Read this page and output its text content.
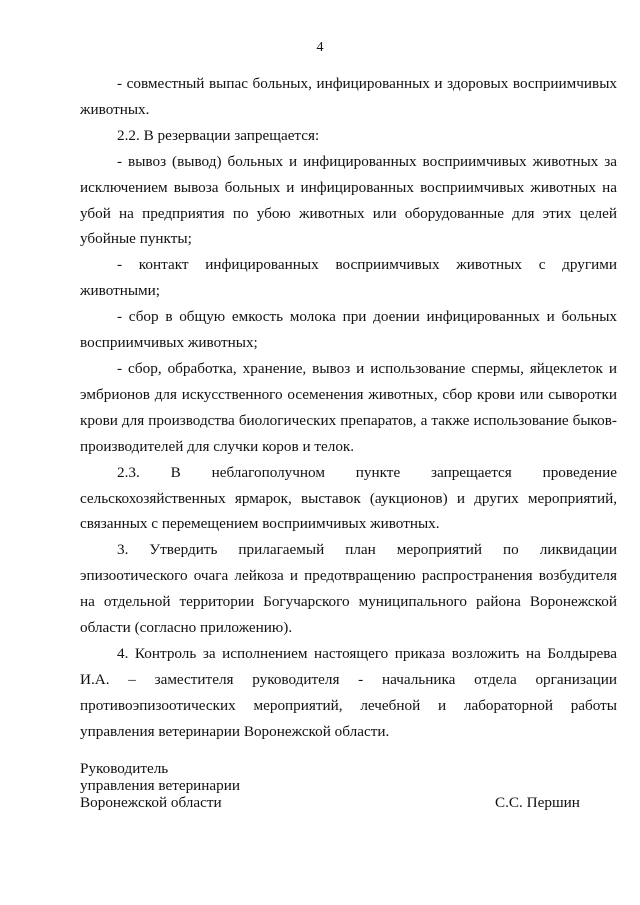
4

- совместный выпас больных, инфицированных и здоровых восприимчивых животных.

2.2. В резервации запрещается:

- вывоз (вывод) больных и инфицированных восприимчивых животных за исключением вывоза больных и инфицированных восприимчивых животных на убой на предприятия по убою животных или оборудованные для этих целей убойные пункты;

- контакт инфицированных восприимчивых животных с другими животными;

- сбор в общую емкость молока при доении инфицированных и больных восприимчивых животных;

- сбор, обработка, хранение, вывоз и использование спермы, яйцеклеток и эмбрионов для искусственного осеменения животных, сбор крови или сыворотки крови для производства биологических препаратов, а также использование быков-производителей для случки коров и телок.

2.3. В неблагополучном пункте запрещается проведение сельскохозяйственных ярмарок, выставок (аукционов) и других мероприятий, связанных с перемещением восприимчивых животных.

3. Утвердить прилагаемый план мероприятий по ликвидации эпизоотического очага лейкоза и предотвращению распространения возбудителя на отдельной территории Богучарского муниципального района Воронежской области (согласно приложению).

4. Контроль за исполнением настоящего приказа возложить на Болдырева И.А. – заместителя руководителя - начальника отдела организации противоэпизоотических мероприятий, лечебной и лабораторной работы управления ветеринарии Воронежской области.

Руководитель
управления ветеринарии
Воронежской области	С.С. Першин
